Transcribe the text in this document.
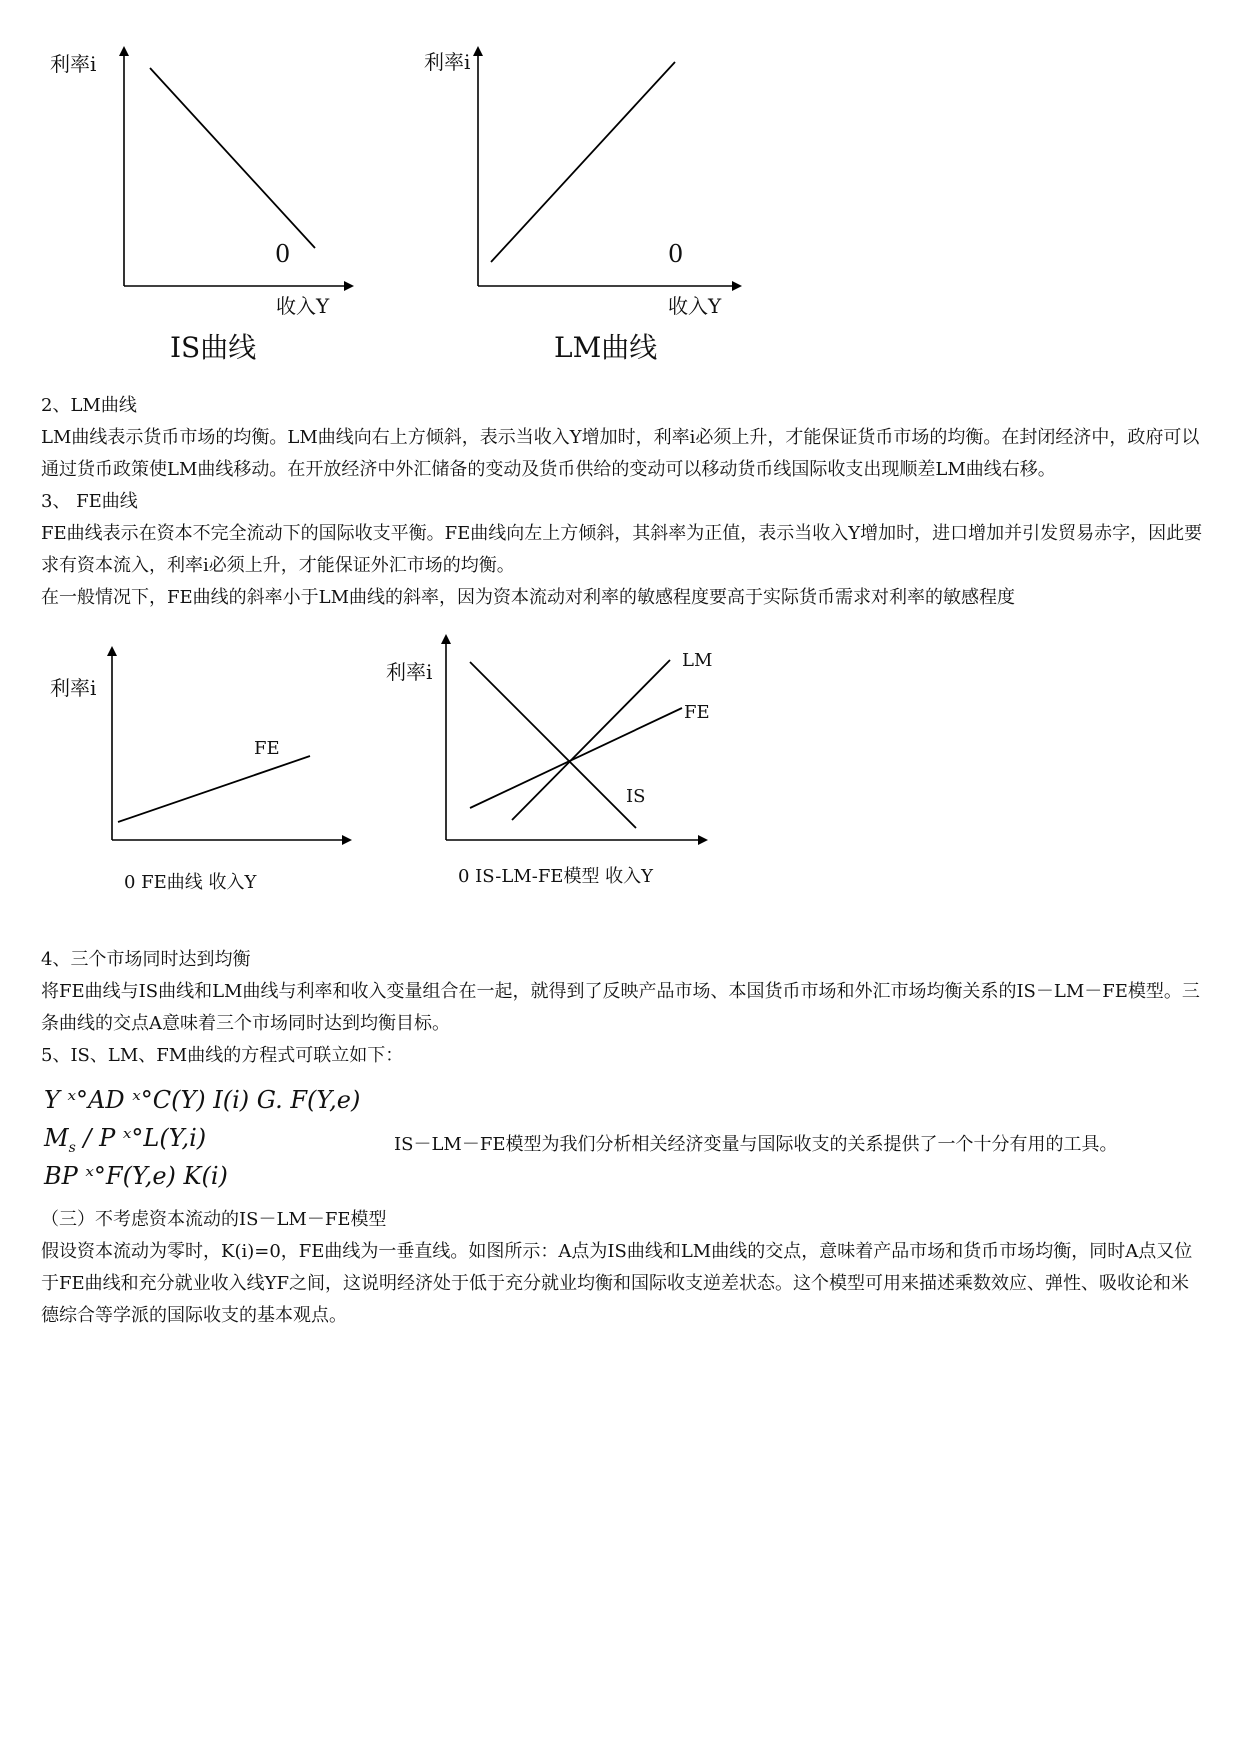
利率i
0
收入Y
IS曲线
利率i
0
收入Y
LM曲线

2、LM曲线

LM曲线表示货币市场的均衡。LM曲线向右上方倾斜，表示当收入Y增加时，利率i必须上升，才能保证货币市场的均衡。在封闭经济中，政府可以通过货币政策使LM曲线移动。在开放经济中外汇储备的变动及货币供给的变动可以移动货币线国际收支出现顺差LM曲线右移。

3、 FE曲线

FE曲线表示在资本不完全流动下的国际收支平衡。FE曲线向左上方倾斜，其斜率为正值，表示当收入Y增加时，进口增加并引发贸易赤字，因此要求有资本流入，利率i必须上升，才能保证外汇市场的均衡。

在一般情况下，FE曲线的斜率小于LM曲线的斜率，因为资本流动对利率的敏感程度要高于实际货币需求对利率的敏感程度

利率i
FE
0 FE曲线 收入Y
利率i	LM
FE
IS
0 IS-LM-FE模型 收入Y

4、三个市场同时达到均衡

将FE曲线与IS曲线和LM曲线与利率和收入变量组合在一起，就得到了反映产品市场、本国货币市场和外汇市场均衡关系的IS－LM－FE模型。三条曲线的交点A意味着三个市场同时达到均衡目标。

5、IS、LM、FM曲线的方程式可联立如下：

Y ˣ°AD ˣ°C(Y) I(i) G. F(Y,e)
$M_s$ / P ˣ°L(Y,i)
BP ˣ°F(Y,e) K(i)
IS－LM－FE模型为我们分析相关经济变量与国际收支的关系提供了一个十分有用的工具。

（三）不考虑资本流动的IS－LM－FE模型

假设资本流动为零时，K(i)=0，FE曲线为一垂直线。如图所示：A点为IS曲线和LM曲线的交点，意味着产品市场和货币市场均衡，同时A点又位于FE曲线和充分就业收入线YF之间，这说明经济处于低于充分就业均衡和国际收支逆差状态。这个模型可用来描述乘数效应、弹性、吸收论和米德综合等学派的国际收支的基本观点。
